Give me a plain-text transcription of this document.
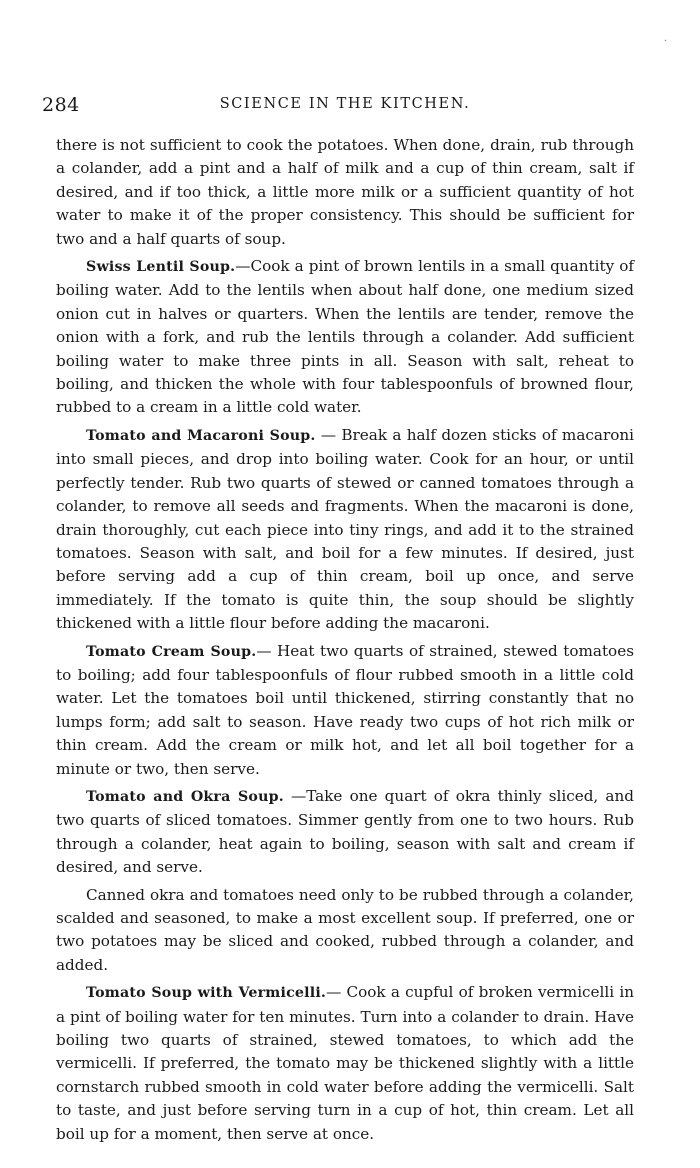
·
284	SCIENCE IN THE KITCHEN.

there is not sufficient to cook the potatoes. When done, drain, rub through a colander, add a pint and a half of milk and a cup of thin cream, salt if desired, and if too thick, a little more milk or a sufficient quantity of hot water to make it of the proper consistency. This should be sufficient for two and a half quarts of soup.

Swiss Lentil Soup.—Cook a pint of brown lentils in a small quantity of boiling water. Add to the lentils when about half done, one medium sized onion cut in halves or quarters. When the lentils are tender, remove the onion with a fork, and rub the lentils through a colander. Add sufficient boiling water to make three pints in all. Season with salt, reheat to boiling, and thicken the whole with four tablespoonfuls of browned flour, rubbed to a cream in a little cold water.

Tomato and Macaroni Soup. — Break a half dozen sticks of macaroni into small pieces, and drop into boiling water. Cook for an hour, or until perfectly tender. Rub two quarts of stewed or canned tomatoes through a colander, to remove all seeds and fragments. When the macaroni is done, drain thoroughly, cut each piece into tiny rings, and add it to the strained tomatoes. Season with salt, and boil for a few minutes. If desired, just before serving add a cup of thin cream, boil up once, and serve immediately. If the tomato is quite thin, the soup should be slightly thickened with a little flour before adding the macaroni.

Tomato Cream Soup.— Heat two quarts of strained, stewed tomatoes to boiling; add four tablespoonfuls of flour rubbed smooth in a little cold water. Let the tomatoes boil until thickened, stirring constantly that no lumps form; add salt to season. Have ready two cups of hot rich milk or thin cream. Add the cream or milk hot, and let all boil together for a minute or two, then serve.

Tomato and Okra Soup. —Take one quart of okra thinly sliced, and two quarts of sliced tomatoes. Simmer gently from one to two hours. Rub through a colander, heat again to boiling, season with salt and cream if desired, and serve.

Canned okra and tomatoes need only to be rubbed through a colander, scalded and seasoned, to make a most excellent soup. If preferred, one or two potatoes may be sliced and cooked, rubbed through a colander, and added.

Tomato Soup with Vermicelli.— Cook a cupful of broken vermicelli in a pint of boiling water for ten minutes. Turn into a colander to drain. Have boiling two quarts of strained, stewed tomatoes, to which add the vermicelli. If preferred, the tomato may be thickened slightly with a little cornstarch rubbed smooth in cold water before adding the vermicelli. Salt to taste, and just before serving turn in a cup of hot, thin cream. Let all boil up for a moment, then serve at once.
